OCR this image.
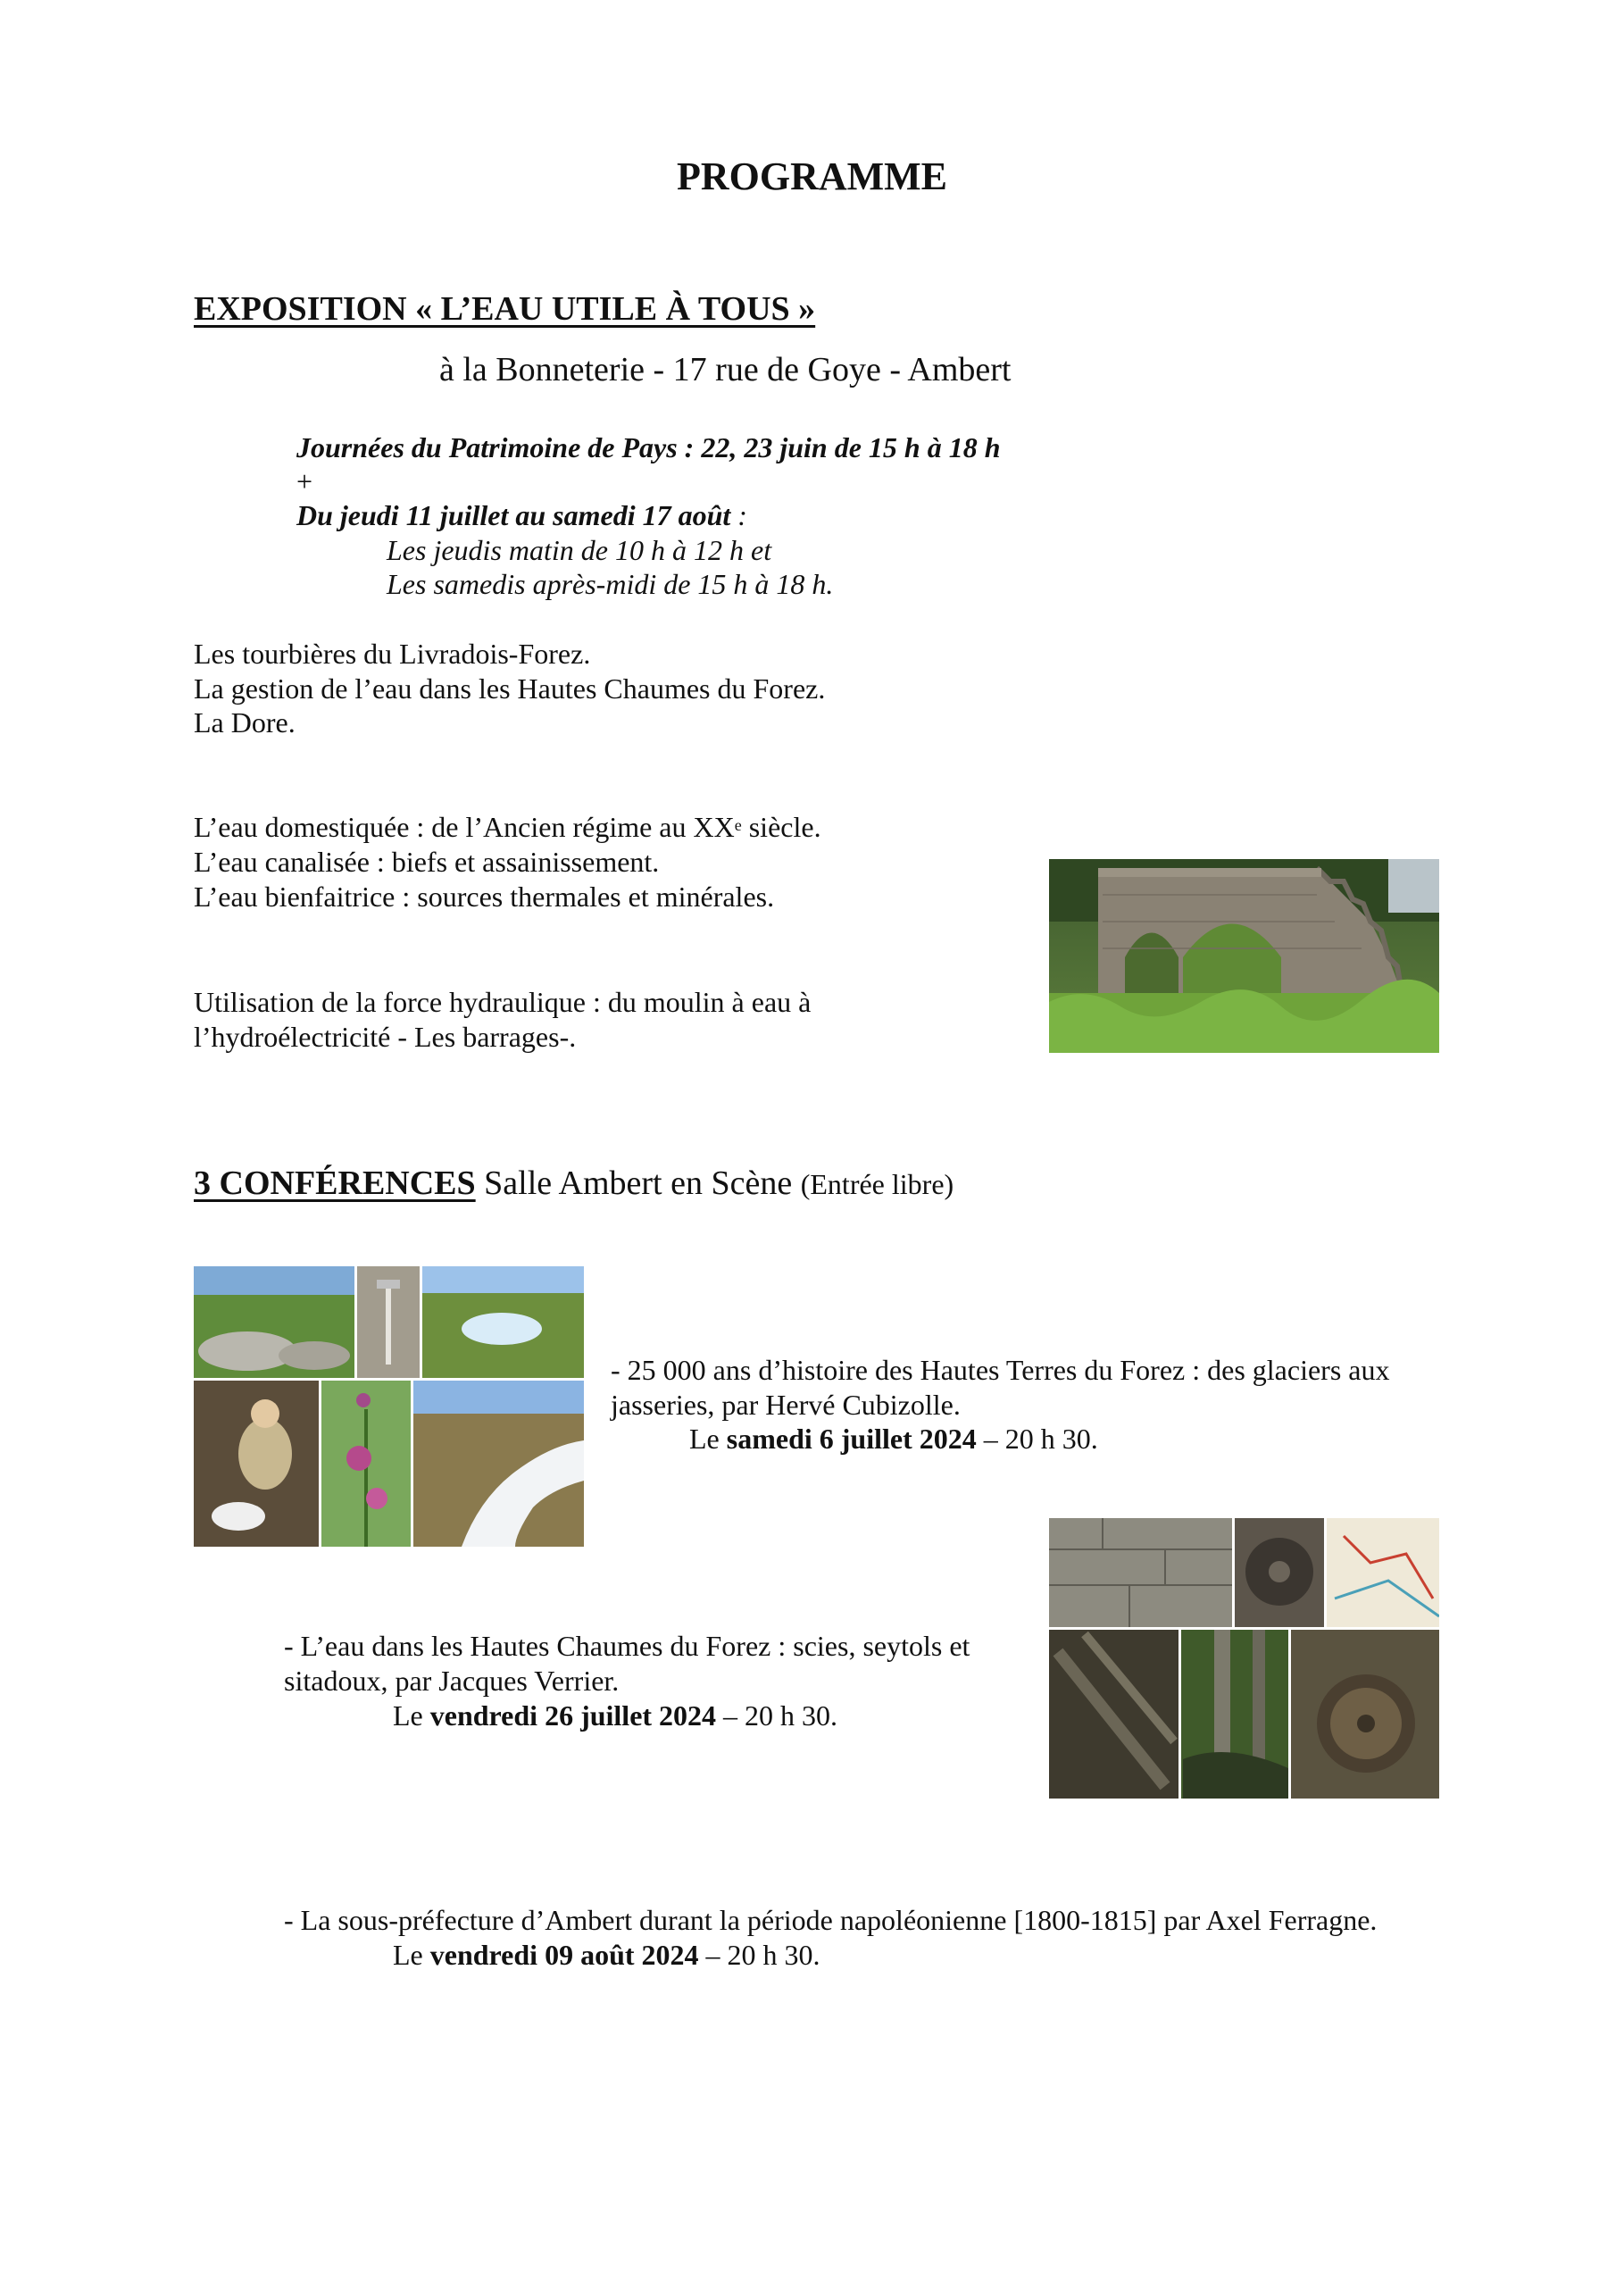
PROGRAMME
EXPOSITION « L’EAU UTILE À TOUS »
à la Bonneterie - 17 rue de Goye - Ambert
Journées du Patrimoine de Pays : 22, 23 juin de 15 h à 18 h
+
Du jeudi 11 juillet au samedi 17 août :
Les jeudis matin de 10 h à 12 h et
Les samedis après-midi de 15 h à 18 h.
Les tourbières du Livradois-Forez.
La gestion de l’eau dans les Hautes Chaumes du Forez.
La Dore.
L’eau domestiquée : de l’Ancien régime au XXe siècle.
L’eau canalisée : biefs et assainissement.
L’eau bienfaitrice : sources thermales et minérales.
Utilisation de la force hydraulique : du moulin à eau à
l’hydroélectricité - Les barrages-.
3 CONFÉRENCES Salle Ambert en Scène (Entrée libre)
- 25 000 ans d’histoire des Hautes Terres du Forez : des glaciers aux
jasseries, par Hervé Cubizolle.
Le samedi 6 juillet 2024 – 20 h 30.
- L’eau dans les Hautes Chaumes du Forez : scies, seytols et
sitadoux, par Jacques Verrier.
Le vendredi 26 juillet 2024 – 20 h 30.
- La sous-préfecture d’Ambert durant la période napoléonienne [1800-1815] par Axel Ferragne.
Le vendredi 09 août 2024 – 20 h 30.
